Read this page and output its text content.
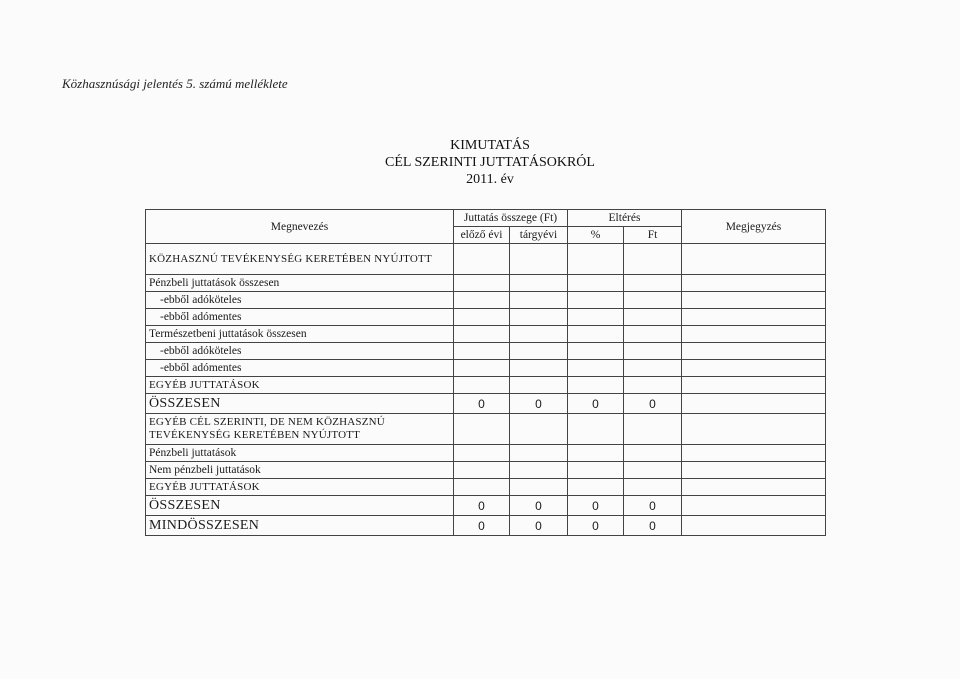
Közhasznúsági jelentés 5. számú melléklete
KIMUTATÁS
CÉL SZERINTI JUTTATÁSOKRÓL
2011. év
Megnevezés	Juttatás összege (Ft)		Eltérés		Megjegyzés
	előző évi	tárgyévi	%	Ft	
KÖZHASZNÚ TEVÉKENYSÉG KERETÉBEN NYÚJTOTT					
Pénzbeli juttatások összesen					
-ebből adóköteles					
-ebből adómentes					
Természetbeni juttatások összesen					
-ebből adóköteles					
-ebből adómentes					
EGYÉB JUTTATÁSOK					
ÖSSZESEN	0	0	0	0	
EGYÉB CÉL SZERINTI, DE NEM KÖZHASZNÚ TEVÉKENYSÉG KERETÉBEN NYÚJTOTT					
Pénzbeli juttatások					
Nem pénzbeli juttatások					
EGYÉB JUTTATÁSOK					
ÖSSZESEN	0	0	0	0	
MINDÖSSZESEN	0	0	0	0	
